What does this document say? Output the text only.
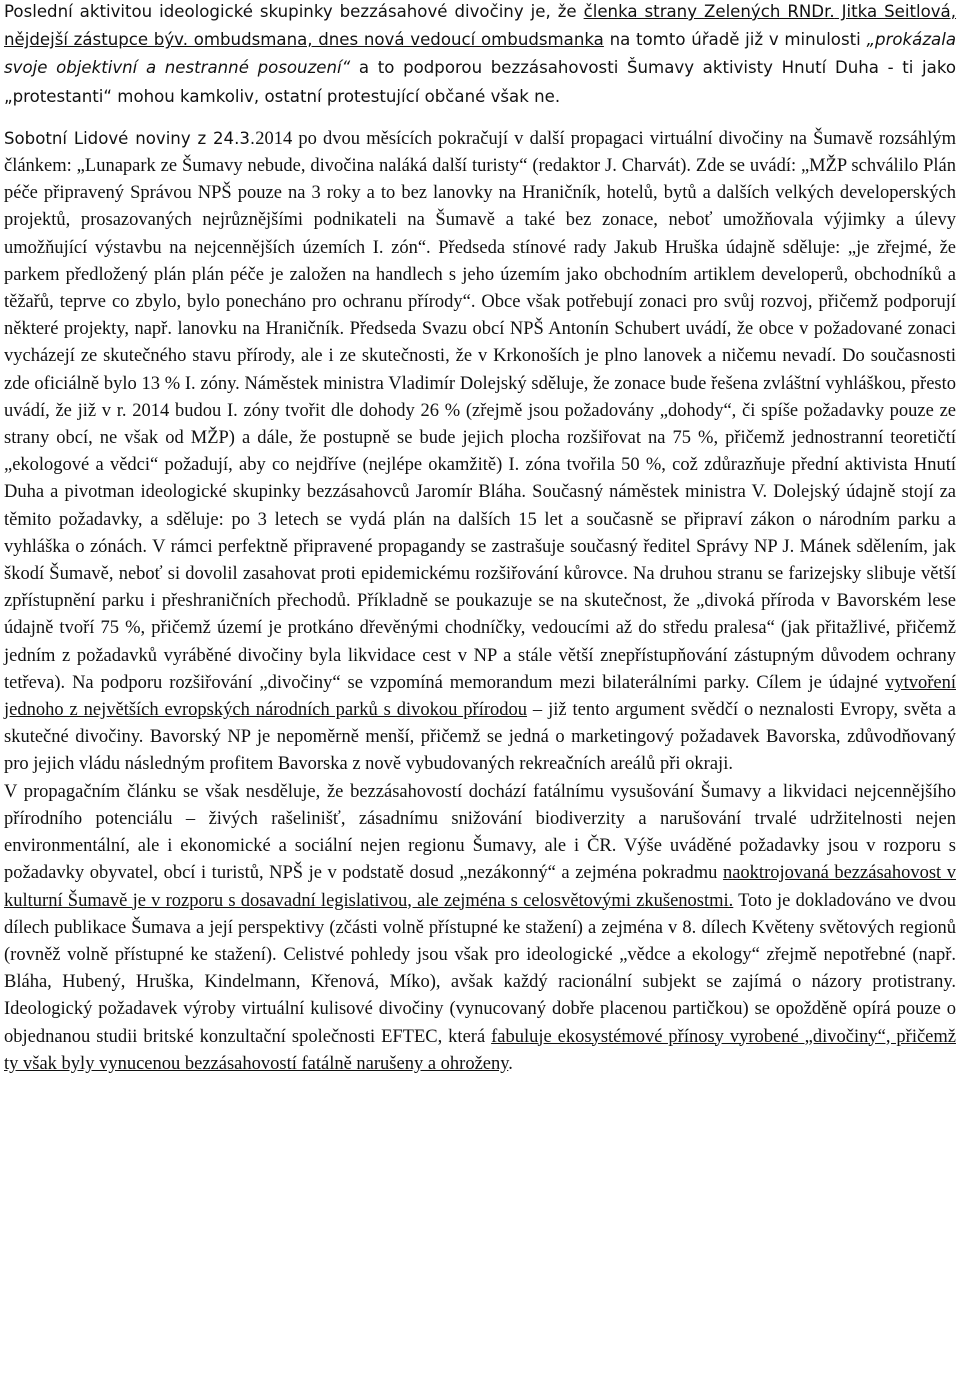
Poslední aktivitou ideologické skupinky bezzásahové divočiny je, že členka strany Zelených RNDr. Jitka Seitlová, nějdejší zástupce býv. ombudsmana, dnes nová vedoucí ombudsmanka na tomto úřadě již v minulosti „prokázala svoje objektivní a nestranné posouzení“ a to podporou bezzásahovosti Šumavy aktivisty Hnutí Duha - ti jako „protestanti“ mohou kamkoliv, ostatní protestující občané však ne.

Sobotní Lidové noviny z 24.3.2014 po dvou měsících pokračují v další propagaci virtuální divočiny na Šumavě rozsáhlým článkem: „Lunapark ze Šumavy nebude, divočina naláká další turisty“ (redaktor J. Charvát). Zde se uvádí: „MŽP schválilo Plán péče připravený Správou NPŠ pouze na 3 roky a to bez lanovky na Hraničník, hotelů, bytů a dalších velkých developerských projektů, prosazovaných nejrůznějšími podnikateli na Šumavě a také bez zonace, neboť umožňovala výjimky a úlevy umožňující výstavbu na nejcennějších územích I. zón“. Předseda stínové rady Jakub Hruška údajně sděluje: „je zřejmé, že parkem předložený plán plán péče je založen na handlech s jeho územím jako obchodním artiklem developerů, obchodníků a těžařů, teprve co zbylo, bylo ponecháno pro ochranu přírody“. Obce však potřebují zonaci pro svůj rozvoj, přičemž podporují některé projekty, např. lanovku na Hraničník. Předseda Svazu obcí NPŠ Antonín Schubert uvádí, že obce v požadované zonaci vycházejí ze skutečného stavu přírody, ale i ze skutečnosti, že v Krkonoších je plno lanovek a ničemu nevadí. Do současnosti zde oficiálně bylo 13 % I. zóny. Náměstek ministra Vladimír Dolejský sděluje, že zonace bude řešena zvláštní vyhláškou, přesto uvádí, že již v r. 2014 budou I. zóny tvořit dle dohody 26 % (zřejmě jsou požadovány „dohody“, či spíše požadavky pouze ze strany obcí, ne však od MŽP) a dále, že postupně se bude jejich plocha rozšiřovat na 75 %, přičemž jednostranní teoretičtí „ekologové a vědci“ požadují, aby co nejdříve (nejlépe okamžitě) I. zóna tvořila 50 %, což zdůrazňuje přední aktivista Hnutí Duha a pivotman ideologické skupinky bezzásahovců Jaromír Bláha. Současný náměstek ministra V. Dolejský údajně stojí za těmito požadavky, a sděluje: po 3 letech se vydá plán na dalších 15 let a současně se připraví zákon o národním parku a vyhláška o zónách. V rámci perfektně připravené propagandy se zastrašuje současný ředitel Správy NP J. Mánek sdělením, jak škodí Šumavě, neboť si dovolil zasahovat proti epidemickému rozšiřování kůrovce. Na druhou stranu se farizejsky slibuje větší zpřístupnění parku i přeshraničních přechodů. Příkladně se poukazuje se na skutečnost, že „divoká příroda v Bavorském lese údajně tvoří 75 %, přičemž území je protkáno dřevěnými chodníčky, vedoucími až do středu pralesa“ (jak přitažlivé, přičemž jedním z požadavků vyráběné divočiny byla likvidace cest v NP a stále větší znepřístupňování zástupným důvodem ochrany tetřeva). Na podporu rozšiřování „divočiny“ se vzpomíná memorandum mezi bilaterálními parky. Cílem je údajné vytvoření jednoho z největších evropských národních parků s divokou přírodou – již tento argument svědčí o neznalosti Evropy, světa a skutečné divočiny. Bavorský NP je nepoměrně menší, přičemž se jedná o marketingový požadavek Bavorska, zdůvodňovaný pro jejich vládu následným profitem Bavorska z nově vybudovaných rekreačních areálů při okraji.

V propagačním článku se však nesděluje, že bezzásahovostí dochází fatálnímu vysušování Šumavy a likvidaci nejcennějšího přírodního potenciálu – živých rašelinišť, zásadnímu snižování biodiverzity a narušování trvalé udržitelnosti nejen environmentální, ale i ekonomické a sociální nejen regionu Šumavy, ale i ČR. Výše uváděné požadavky jsou v rozporu s požadavky obyvatel, obcí i turistů, NPŠ je v podstatě dosud „nezákonný“ a zejména pokradmu naoktrojovaná bezzásahovost v kulturní Šumavě je v rozporu s dosavadní legislativou, ale zejména s celosvětovými zkušenostmi. Toto je dokladováno ve dvou dílech publikace Šumava a její perspektivy (zčásti volně přístupné ke stažení) a zejména v 8. dílech Květeny světových regionů (rovněž volně přístupné ke stažení). Celistvé pohledy jsou však pro ideologické „vědce a ekology“ zřejmě nepotřebné (např. Bláha, Hubený, Hruška, Kindelmann, Křenová, Míko), avšak každý racionální subjekt se zajímá o názory protistrany. Ideologický požadavek výroby virtuální kulisové divočiny (vynucovaný dobře placenou partičkou) se opožděně opírá pouze o objednanou studii britské konzultační společnosti EFTEC, která fabuluje ekosystémové přínosy vyrobené „divočiny“, přičemž ty však byly vynucenou bezzásahovostí fatálně narušeny a ohroženy.
